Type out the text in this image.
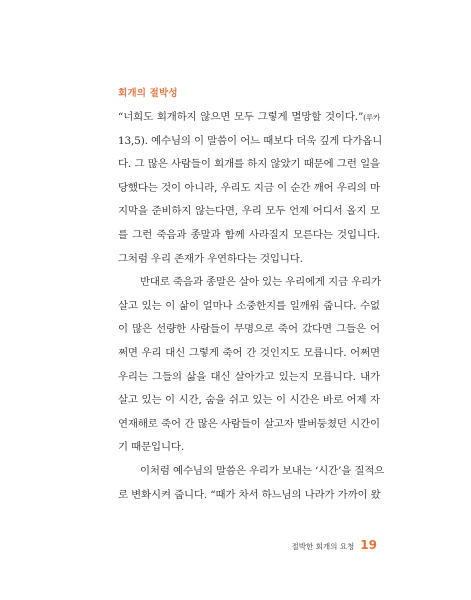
회개의 절박성
“너희도 회개하지 않으면 모두 그렇게 멸망할 것이다.”(루카
13,5). 예수님의 이 말씀이 어느 때보다 더욱 깊게 다가옵니
다. 그 많은 사람들이 회개를 하지 않았기 때문에 그런 일을
당했다는 것이 아니라, 우리도 지금 이 순간 깨어 우리의 마
지막을 준비하지 않는다면, 우리 모두 언제 어디서 올지 모
를 그런 죽음과 종말과 함께 사라질지 모른다는 것입니다.
그처럼 우리 존재가 우연하다는 것입니다.
반대로 죽음과 종말은 살아 있는 우리에게 지금 우리가
살고 있는 이 삶이 얼마나 소중한지를 일깨워 줍니다. 수없
이 많은 선량한 사람들이 무명으로 죽어 갔다면 그들은 어
쩌면 우리 대신 그렇게 죽어 간 것인지도 모릅니다. 어쩌면
우리는 그들의 삶을 대신 살아가고 있는지 모릅니다. 내가
살고 있는 이 시간, 숨을 쉬고 있는 이 시간은 바로 어제 자
연재해로 죽어 간 많은 사람들이 살고자 발버둥쳤던 시간이
기 때문입니다.
이처럼 예수님의 말씀은 우리가 보내는 ‘시간’을 질적으
로 변화시켜 줍니다. “때가 차서 하느님의 나라가 가까이 왔
절박한 회개의 요청 19
